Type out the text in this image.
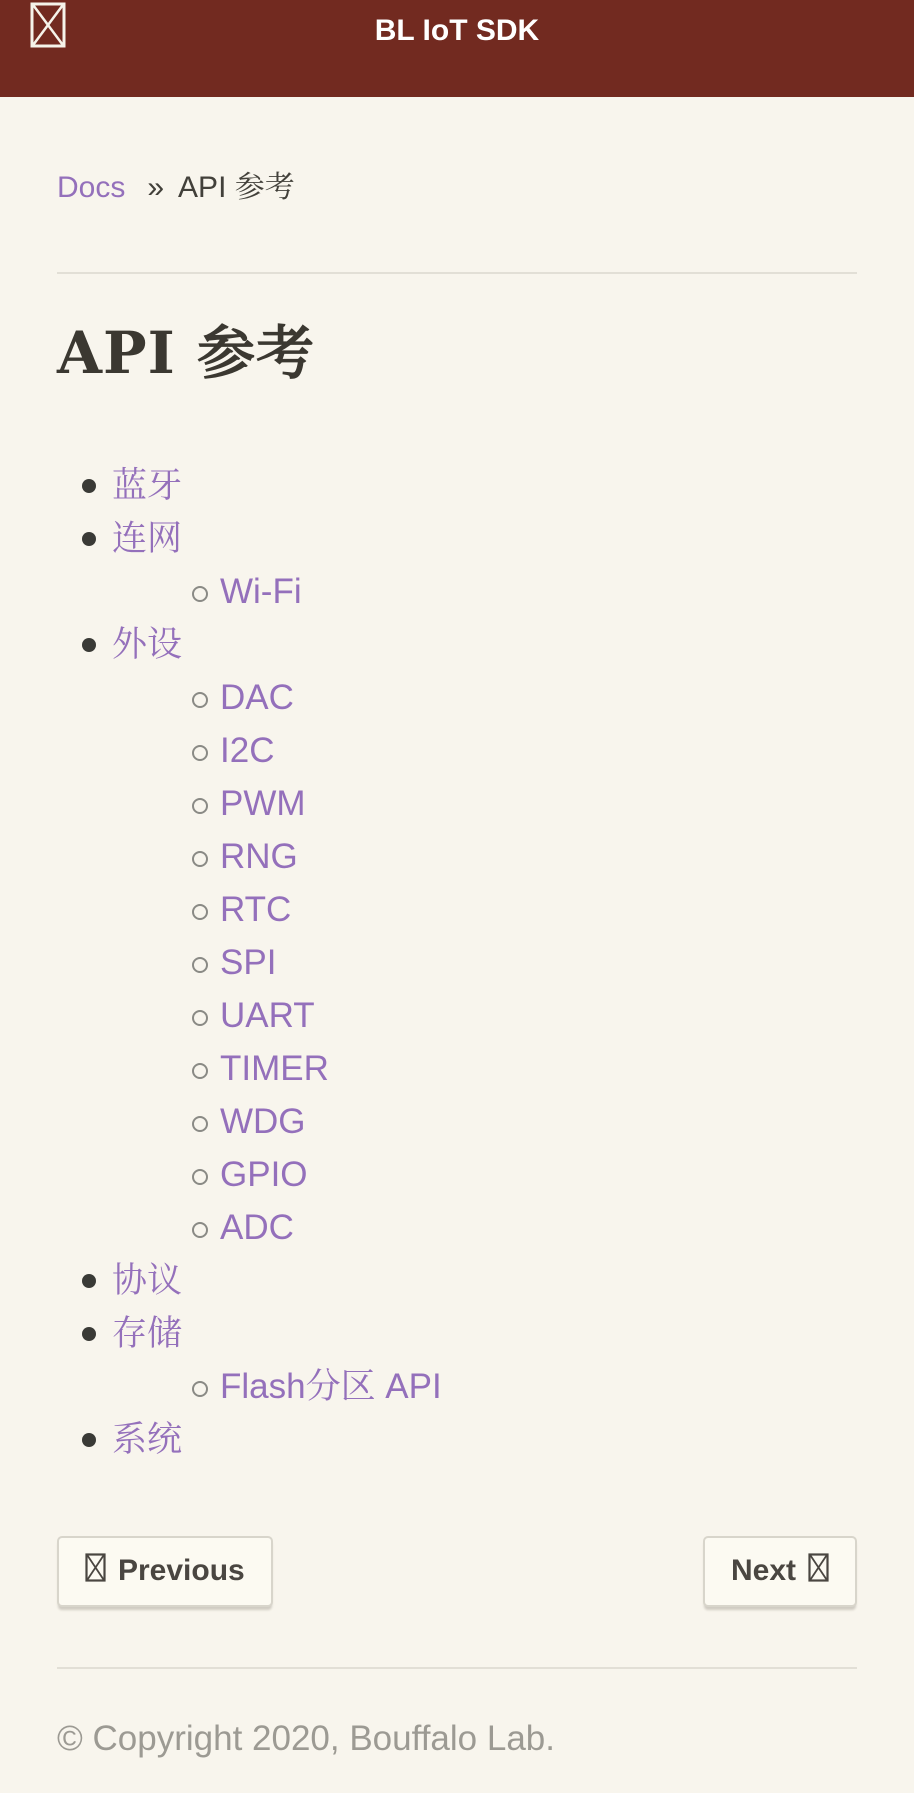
BL IoT SDK
Docs » API 参考
API 参考
蓝牙
连网
Wi-Fi
外设
DAC
I2C
PWM
RNG
RTC
SPI
UART
TIMER
WDG
GPIO
ADC
协议
存储
Flash分区 API
系统
Previous	Next
© Copyright 2020, Bouffalo Lab.
